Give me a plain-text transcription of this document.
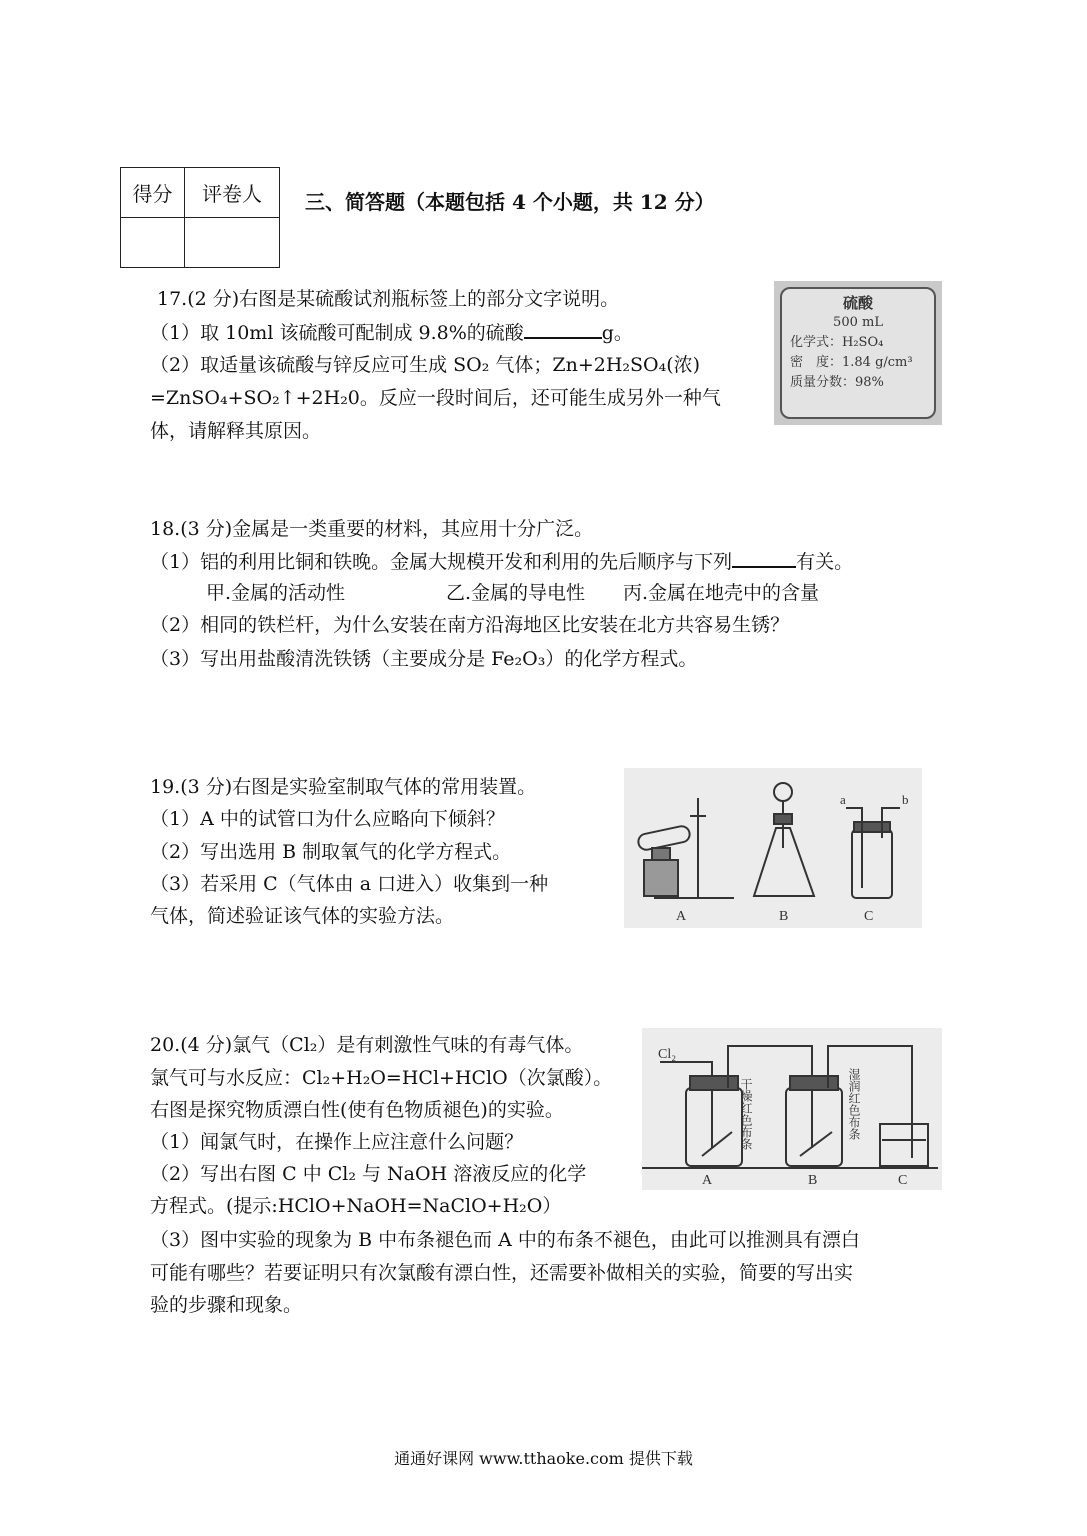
得分	评卷人
	三、简答题（本题包括 4 个小题，共 12 分）
17.(2 分)右图是某硫酸试剂瓶标签上的部分文字说明。
（1）取 10ml 该硫酸可配制成 9.8%的硫酸	g。
（2）取适量该硫酸与锌反应可生成 SO₂ 气体；Zn+2H₂SO₄(浓)
=ZnSO₄+SO₂↑+2H₂0。反应一段时间后，还可能生成另外一种气
体，请解释其原因。
硫酸
500 mL
化学式：H₂SO₄
密　度：1.84 g/cm³
质量分数：98%
18.(3 分)金属是一类重要的材料，其应用十分广泛。
（1）铝的利用比铜和铁晚。金属大规模开发和利用的先后顺序与下列	有关。
甲.金属的活动性	乙.金属的导电性 丙.金属在地壳中的含量
（2）相同的铁栏杆，为什么安装在南方沿海地区比安装在北方共容易生锈？
（3）写出用盐酸清洗铁锈（主要成分是 Fe₂O₃）的化学方程式。
19.(3 分)右图是实验室制取气体的常用装置。
（1）A 中的试管口为什么应略向下倾斜？
（2）写出选用 B 制取氧气的化学方程式。
（3）若采用 C（气体由 a 口进入）收集到一种
气体，简述验证该气体的实验方法。	A	B	C
a	b
20.(4 分)氯气（Cl₂）是有刺激性气味的有毒气体。
氯气可与水反应：Cl₂+H₂O=HCl+HClO（次氯酸）。
右图是探究物质漂白性(使有色物质褪色)的实验。
（1）闻氯气时，在操作上应注意什么问题？
（2）写出右图 C 中 Cl₂ 与 NaOH 溶液反应的化学
方程式。(提示:HClO+NaOH=NaClO+H₂O）
（3）图中实验的现象为 B 中布条褪色而 A 中的布条不褪色，由此可以推测具有漂白
可能有哪些？若要证明只有次氯酸有漂白性，还需要补做相关的实验，简要的写出实
验的步骤和现象。
Cl₂
干燥红色布条	湿润红色布条
A	B	C
通通好课网 www.tthaoke.com 提供下载
